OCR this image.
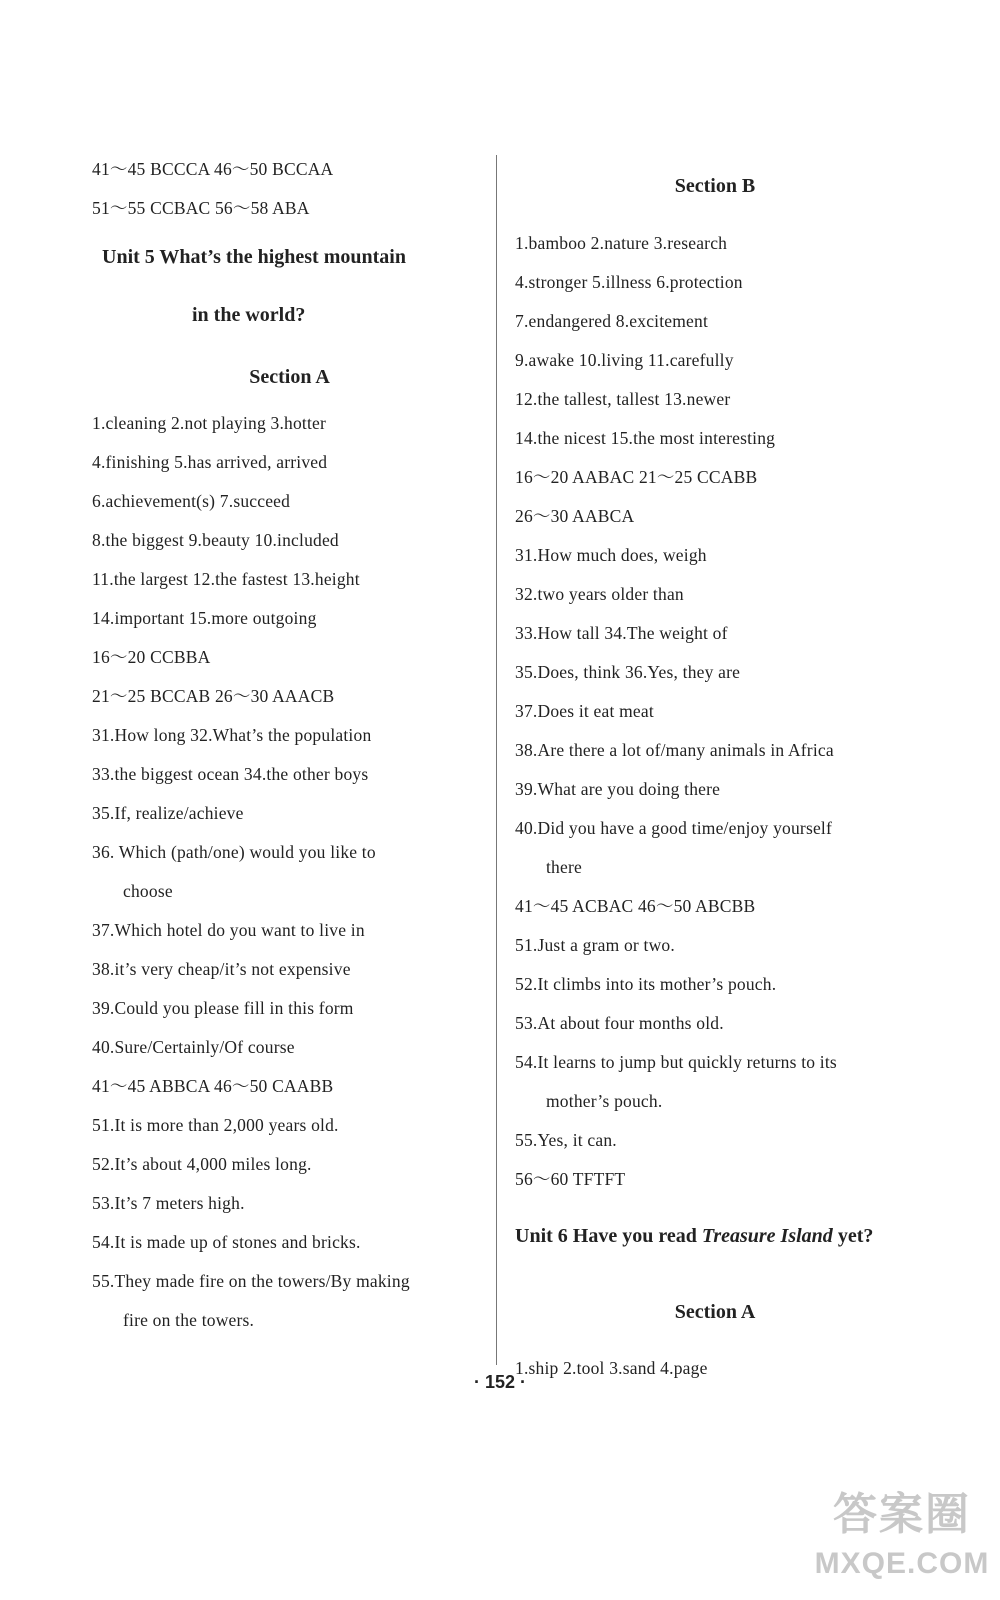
41～45 BCCCA 46～50 BCCAA
51～55 CCBAC 56～58 ABA
Unit 5 What’s the highest mountain
in the world?
Section A
1.cleaning 2.not playing 3.hotter
4.finishing 5.has arrived, arrived
6.achievement(s) 7.succeed
8.the biggest 9.beauty 10.included
11.the largest 12.the fastest 13.height
14.important 15.more outgoing
16～20 CCBBA
21～25 BCCAB 26～30 AAACB
31.How long 32.What’s the population
33.the biggest ocean 34.the other boys
35.If, realize/achieve
36. Which (path/one) would you like to
choose
37.Which hotel do you want to live in
38.it’s very cheap/it’s not expensive
39.Could you please fill in this form
40.Sure/Certainly/Of course
41～45 ABBCA 46～50 CAABB
51.It is more than 2,000 years old.
52.It’s about 4,000 miles long.
53.It’s 7 meters high.
54.It is made up of stones and bricks.
55.They made fire on the towers/By making
fire on the towers.
Section B
1.bamboo 2.nature 3.research
4.stronger 5.illness 6.protection
7.endangered 8.excitement
9.awake 10.living 11.carefully
12.the tallest, tallest 13.newer
14.the nicest 15.the most interesting
16～20 AABAC 21～25 CCABB
26～30 AABCA
31.How much does, weigh
32.two years older than
33.How tall 34.The weight of
35.Does, think 36.Yes, they are
37.Does it eat meat
38.Are there a lot of/many animals in Africa
39.What are you doing there
40.Did you have a good time/enjoy yourself
there
41～45 ACBAC 46～50 ABCBB
51.Just a gram or two.
52.It climbs into its mother’s pouch.
53.At about four months old.
54.It learns to jump but quickly returns to its
mother’s pouch.
55.Yes, it can.
56～60 TFTFT
Unit 6 Have you read Treasure Island yet?
Section A
1.ship 2.tool 3.sand 4.page
· 152 ·
答案圈
MXQE.COM
